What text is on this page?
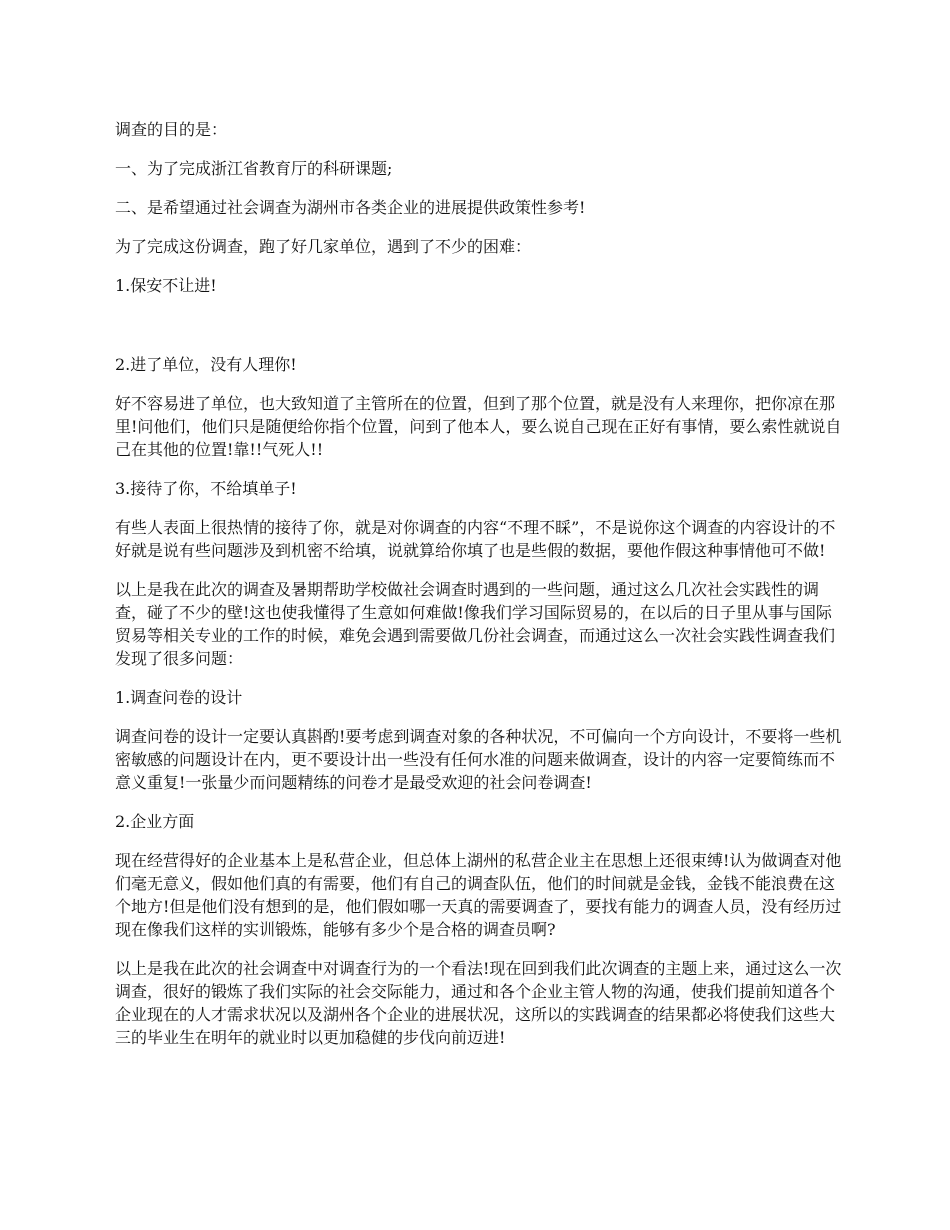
调查的目的是：

一、为了完成浙江省教育厅的科研课题;

二、是希望通过社会调查为湖州市各类企业的进展提供政策性参考!

为了完成这份调查，跑了好几家单位，遇到了不少的困难：

1.保安不让进!

2.进了单位，没有人理你!

好不容易进了单位，也大致知道了主管所在的位置，但到了那个位置，就是没有人来理你，把你凉在那里!问他们，他们只是随便给你指个位置，问到了他本人，要么说自己现在正好有事情，要么索性就说自己在其他的位置!靠!!气死人!!

3.接待了你，不给填单子!

有些人表面上很热情的接待了你，就是对你调查的内容“不理不睬”，不是说你这个调查的内容设计的不好就是说有些问题涉及到机密不给填，说就算给你填了也是些假的数据，要他作假这种事情他可不做!

以上是我在此次的调查及暑期帮助学校做社会调查时遇到的一些问题，通过这么几次社会实践性的调查，碰了不少的壁!这也使我懂得了生意如何难做!像我们学习国际贸易的，在以后的日子里从事与国际贸易等相关专业的工作的时候，难免会遇到需要做几份社会调查，而通过这么一次社会实践性调查我们发现了很多问题：

1.调查问卷的设计

调查问卷的设计一定要认真斟酌!要考虑到调查对象的各种状况，不可偏向一个方向设计，不要将一些机密敏感的问题设计在内，更不要设计出一些没有任何水准的问题来做调查，设计的内容一定要简练而不意义重复!一张量少而问题精练的问卷才是最受欢迎的社会问卷调查!

2.企业方面

现在经营得好的企业基本上是私营企业，但总体上湖州的私营企业主在思想上还很束缚!认为做调查对他们毫无意义，假如他们真的有需要，他们有自己的调查队伍，他们的时间就是金钱，金钱不能浪费在这个地方!但是他们没有想到的是，他们假如哪一天真的需要调查了，要找有能力的调查人员，没有经历过现在像我们这样的实训锻炼，能够有多少个是合格的调查员啊?

以上是我在此次的社会调查中对调查行为的一个看法!现在回到我们此次调查的主题上来，通过这么一次调查，很好的锻炼了我们实际的社会交际能力，通过和各个企业主管人物的沟通，使我们提前知道各个企业现在的人才需求状况以及湖州各个企业的进展状况，这所以的实践调查的结果都必将使我们这些大三的毕业生在明年的就业时以更加稳健的步伐向前迈进!
